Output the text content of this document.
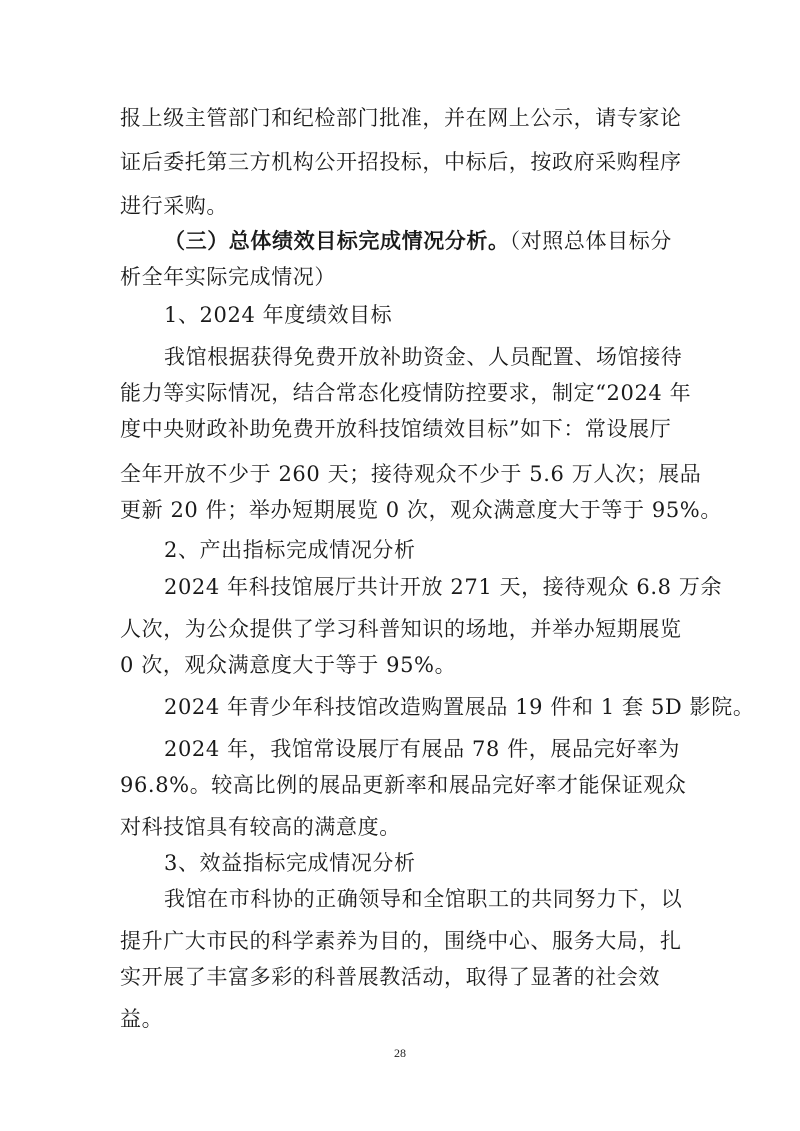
报上级主管部门和纪检部门批准，并在网上公示，请专家论
证后委托第三方机构公开招投标，中标后，按政府采购程序
进行采购。
（三）总体绩效目标完成情况分析。（对照总体目标分
析全年实际完成情况）
1、2024 年度绩效目标
我馆根据获得免费开放补助资金、人员配置、场馆接待
能力等实际情况，结合常态化疫情防控要求，制定“2024 年
度中央财政补助免费开放科技馆绩效目标”如下：常设展厅
全年开放不少于 260 天；接待观众不少于 5.6 万人次；展品
更新 20 件；举办短期展览 0 次，观众满意度大于等于 95%。
2、产出指标完成情况分析
2024 年科技馆展厅共计开放 271 天，接待观众 6.8 万余
人次，为公众提供了学习科普知识的场地，并举办短期展览
0 次，观众满意度大于等于 95%。
2024 年青少年科技馆改造购置展品 19 件和 1 套 5D 影院。
2024 年，我馆常设展厅有展品 78 件，展品完好率为
96.8%。较高比例的展品更新率和展品完好率才能保证观众
对科技馆具有较高的满意度。
3、效益指标完成情况分析
我馆在市科协的正确领导和全馆职工的共同努力下，以
提升广大市民的科学素养为目的，围绕中心、服务大局，扎
实开展了丰富多彩的科普展教活动，取得了显著的社会效
益。
28
